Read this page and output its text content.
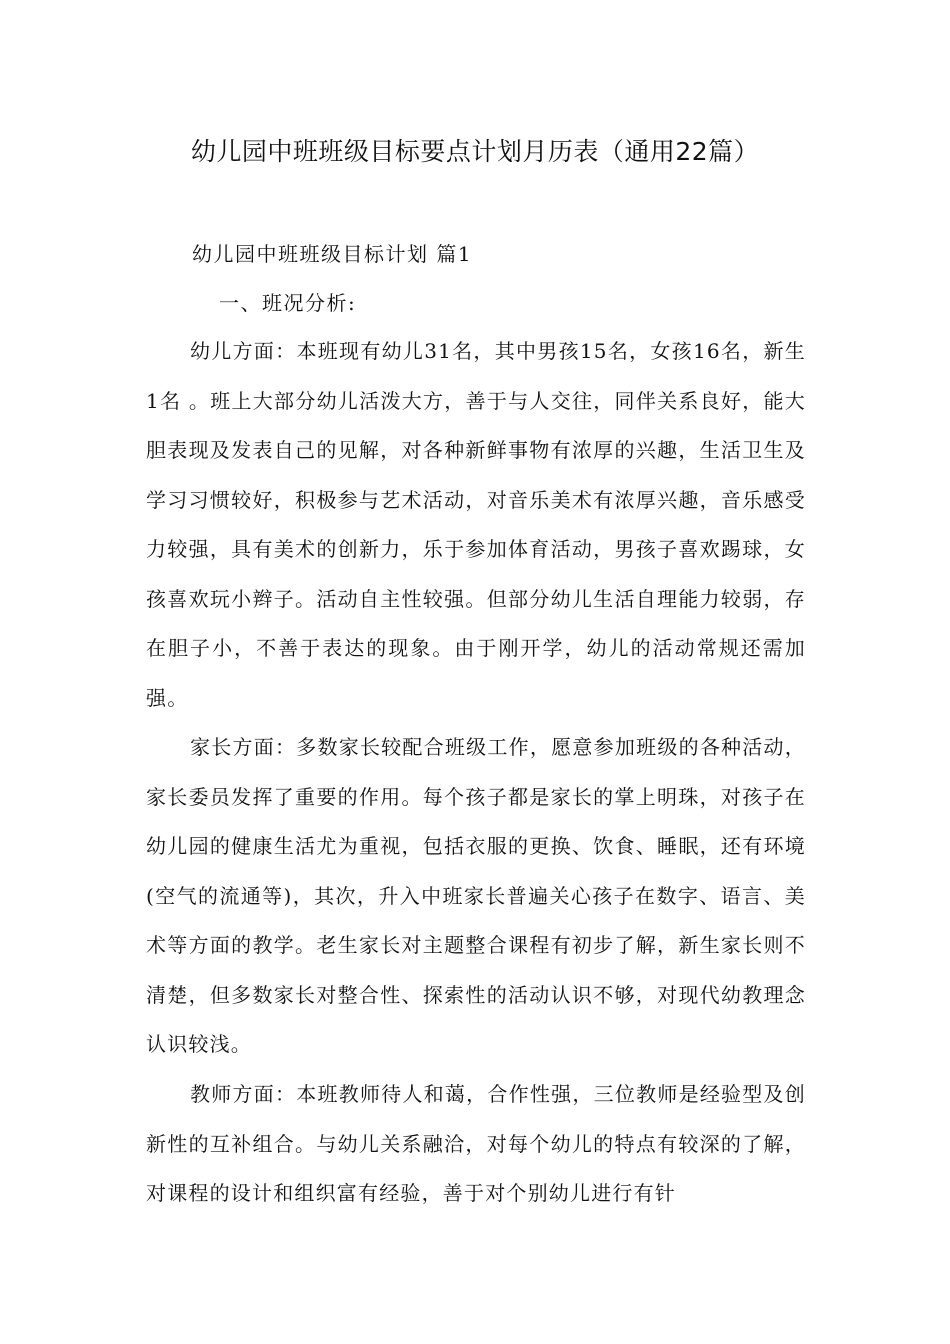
幼儿园中班班级目标要点计划月历表（通用22篇）
幼儿园中班班级目标计划 篇1
一、班况分析:
幼儿方面：本班现有幼儿31名，其中男孩15名，女孩16名，新生1名 。班上大部分幼儿活泼大方，善于与人交往，同伴关系良好，能大胆表现及发表自己的见解，对各种新鲜事物有浓厚的兴趣，生活卫生及学习习惯较好，积极参与艺术活动，对音乐美术有浓厚兴趣，音乐感受力较强，具有美术的创新力，乐于参加体育活动，男孩子喜欢踢球，女孩喜欢玩小辫子。活动自主性较强。但部分幼儿生活自理能力较弱，存在胆子小，不善于表达的现象。由于刚开学，幼儿的活动常规还需加强。
家长方面：多数家长较配合班级工作，愿意参加班级的各种活动，家长委员发挥了重要的作用。每个孩子都是家长的掌上明珠，对孩子在幼儿园的健康生活尤为重视，包括衣服的更换、饮食、睡眠，还有环境(空气的流通等)，其次，升入中班家长普遍关心孩子在数字、语言、美术等方面的教学。老生家长对主题整合课程有初步了解，新生家长则不清楚，但多数家长对整合性、探索性的活动认识不够，对现代幼教理念认识较浅。
教师方面：本班教师待人和蔼，合作性强，三位教师是经验型及创新性的互补组合。与幼儿关系融洽，对每个幼儿的特点有较深的了解，对课程的设计和组织富有经验，善于对个别幼儿进行有针
